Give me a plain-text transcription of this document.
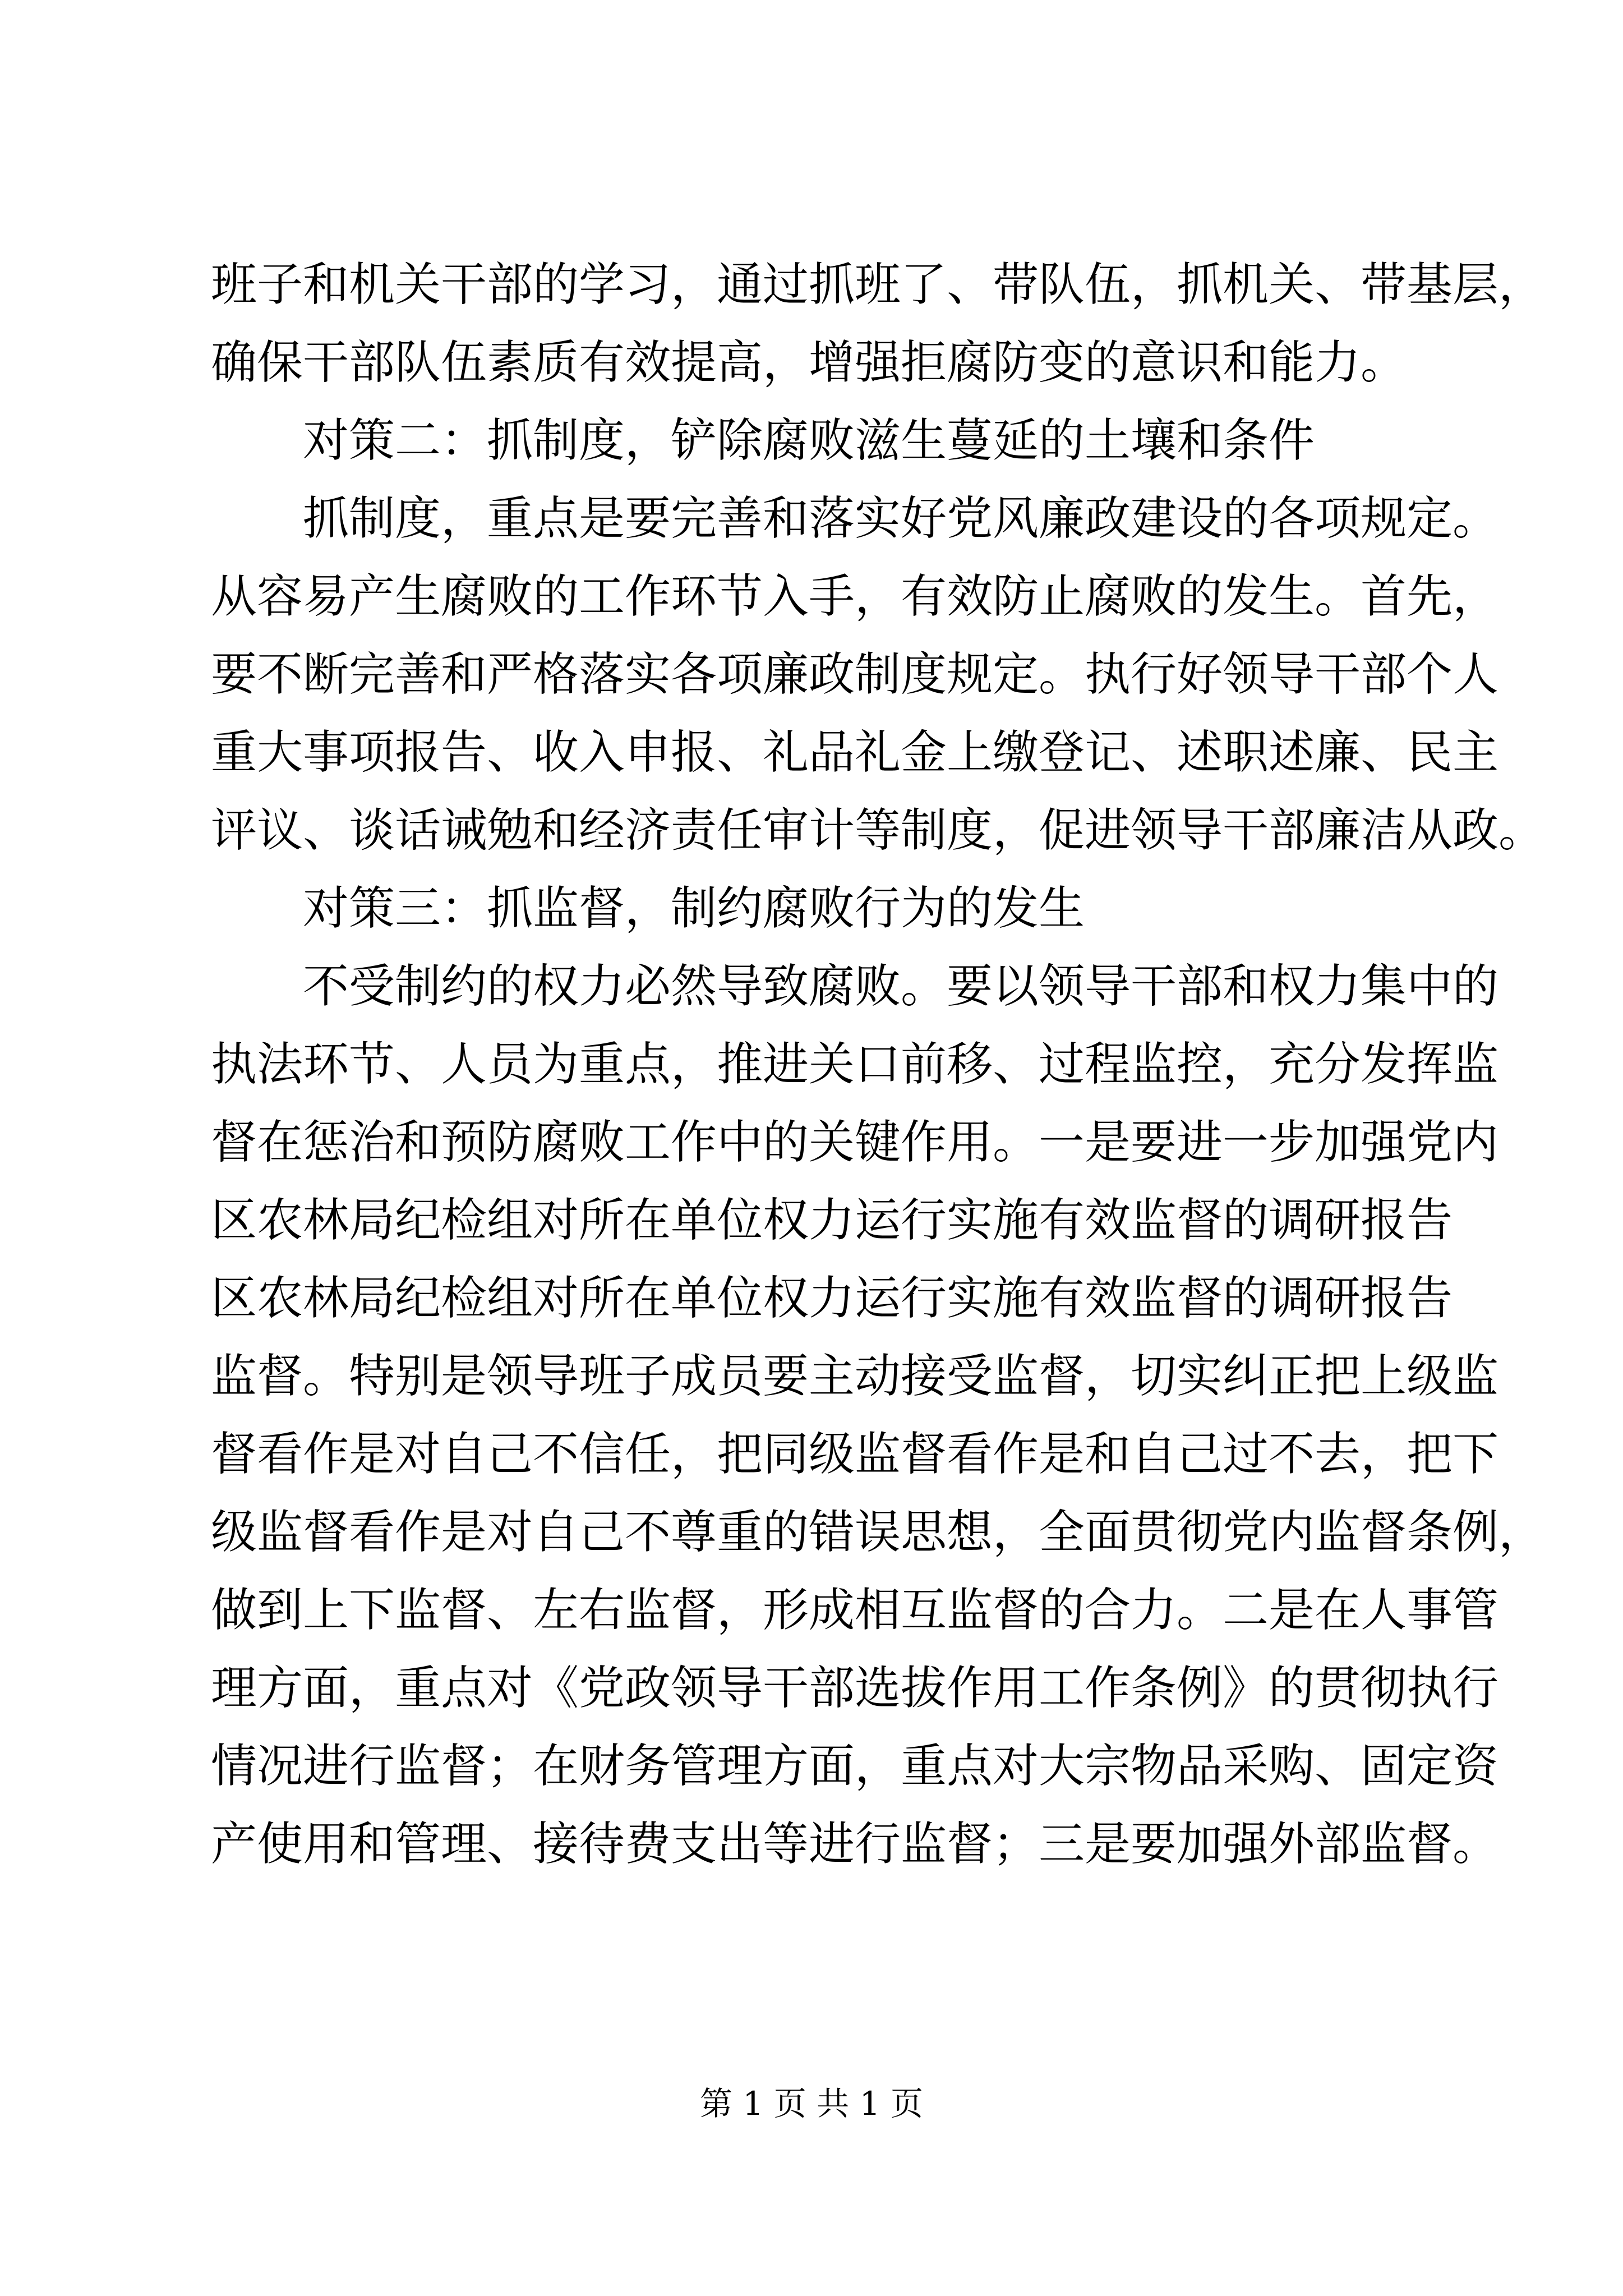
班子和机关干部的学习，通过抓班了、带队伍，抓机关、带基层，
确保干部队伍素质有效提高，增强拒腐防变的意识和能力。
对策二：抓制度，铲除腐败滋生蔓延的土壤和条件
抓制度，重点是要完善和落实好党风廉政建设的各项规定。
从容易产生腐败的工作环节入手，有效防止腐败的发生。首先，
要不断完善和严格落实各项廉政制度规定。执行好领导干部个人
重大事项报告、收入申报、礼品礼金上缴登记、述职述廉、民主
评议、谈话诫勉和经济责任审计等制度，促进领导干部廉洁从政。
对策三：抓监督，制约腐败行为的发生
不受制约的权力必然导致腐败。要以领导干部和权力集中的
执法环节、人员为重点，推进关口前移、过程监控，充分发挥监
督在惩治和预防腐败工作中的关键作用。一是要进一步加强党内
区农林局纪检组对所在单位权力运行实施有效监督的调研报告
区农林局纪检组对所在单位权力运行实施有效监督的调研报告
监督。特别是领导班子成员要主动接受监督，切实纠正把上级监
督看作是对自己不信任，把同级监督看作是和自己过不去，把下
级监督看作是对自己不尊重的错误思想，全面贯彻党内监督条例，
做到上下监督、左右监督，形成相互监督的合力。二是在人事管
理方面，重点对《党政领导干部选拔作用工作条例》的贯彻执行
情况进行监督；在财务管理方面，重点对大宗物品采购、固定资
产使用和管理、接待费支出等进行监督；三是要加强外部监督。
第 1 页 共 1 页
